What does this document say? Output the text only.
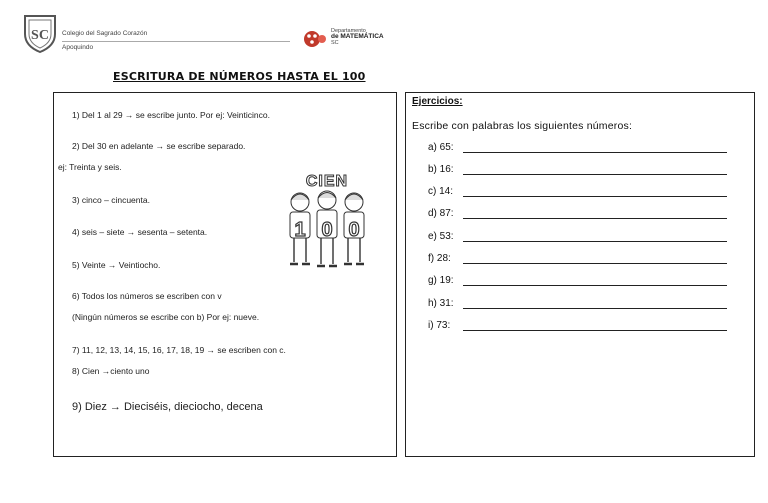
SC Colegio del Sagrado Corazón
Apoquindo
Departamento
de MATEMÁTICA
SC
ESCRITURA DE NÚMEROS HASTA EL 100
1) Del 1 al 29 → se escribe junto. Por ej: Veinticinco.
2) Del 30 en adelante → se escribe separado.
ej: Treinta y seis.
3) cinco – cincuenta.
4) seis – siete → sesenta – setenta.
5) Veinte → Veintiocho.
6) Todos los números se escriben con v
(Ningún números se escribe con b) Por ej: nueve.
7) 11, 12, 13, 14, 15, 16, 17, 18, 19 → se escriben con c.
8) Cien →ciento uno
9) Diez → Dieciséis, dieciocho, decena
CIEN
1 0 0
Ejercicios:
Escribe con palabras los siguientes números:
a) 65:
b) 16:
c) 14:
d) 87:
e) 53:
f) 28:
g) 19:
h) 31:
i) 73:
